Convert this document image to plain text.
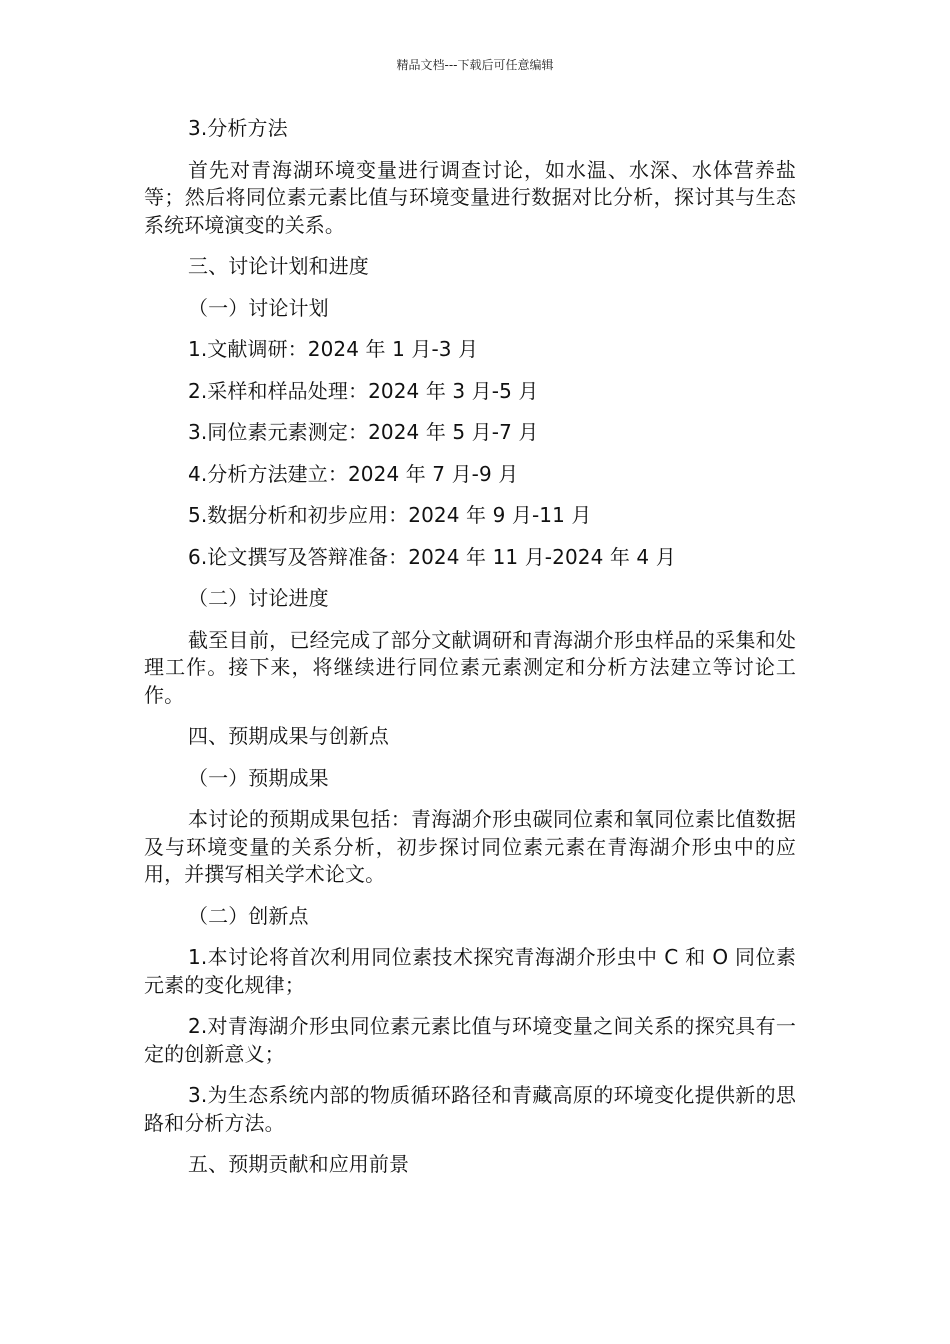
精品文档---下载后可任意编辑

3.分析方法

首先对青海湖环境变量进行调查讨论，如水温、水深、水体营养盐等；然后将同位素元素比值与环境变量进行数据对比分析，探讨其与生态系统环境演变的关系。

三、讨论计划和进度

（一）讨论计划

1.文献调研：2024 年 1 月-3 月

2.采样和样品处理：2024 年 3 月-5 月

3.同位素元素测定：2024 年 5 月-7 月

4.分析方法建立：2024 年 7 月-9 月

5.数据分析和初步应用：2024 年 9 月-11 月

6.论文撰写及答辩准备：2024 年 11 月-2024 年 4 月

（二）讨论进度

截至目前，已经完成了部分文献调研和青海湖介形虫样品的采集和处理工作。接下来，将继续进行同位素元素测定和分析方法建立等讨论工作。

四、预期成果与创新点

（一）预期成果

本讨论的预期成果包括：青海湖介形虫碳同位素和氧同位素比值数据及与环境变量的关系分析，初步探讨同位素元素在青海湖介形虫中的应用，并撰写相关学术论文。

（二）创新点

1.本讨论将首次利用同位素技术探究青海湖介形虫中 C 和 O 同位素元素的变化规律；

2.对青海湖介形虫同位素元素比值与环境变量之间关系的探究具有一定的创新意义；

3.为生态系统内部的物质循环路径和青藏高原的环境变化提供新的思路和分析方法。

五、预期贡献和应用前景
